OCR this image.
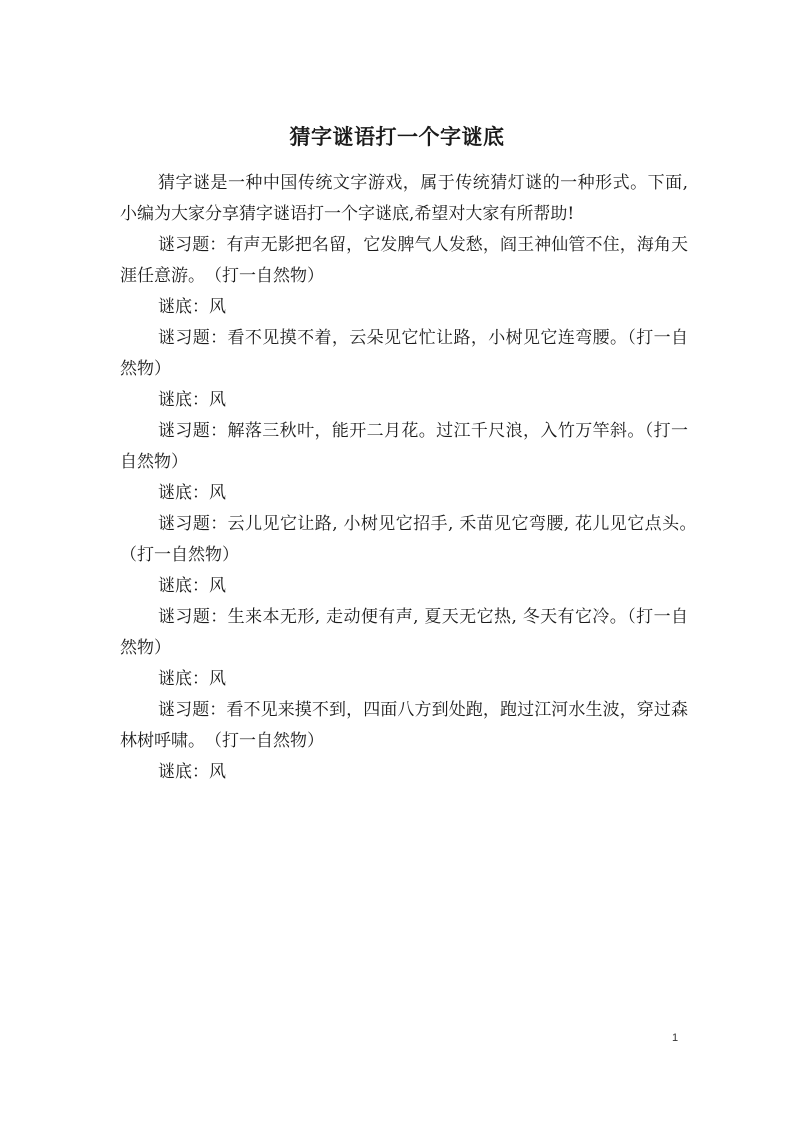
猜字谜语打一个字谜底

猜字谜是一种中国传统文字游戏，属于传统猜灯谜的一种形式。下面,小编为大家分享猜字谜语打一个字谜底,希望对大家有所帮助!

谜习题：有声无影把名留，它发脾气人发愁，阎王神仙管不住，海角天涯任意游。　（打一自然物）

谜底：风

谜习题：看不见摸不着，云朵见它忙让路，小树见它连弯腰。（打一自然物）

谜底：风

谜习题：解落三秋叶，能开二月花。过江千尺浪，入竹万竿斜。（打一自然物）

谜底：风

谜习题：云儿见它让路, 小树见它招手, 禾苗见它弯腰, 花儿见它点头。　（打一自然物）

谜底：风

谜习题：生来本无形, 走动便有声, 夏天无它热, 冬天有它冷。（打一自然物）

谜底：风

谜习题：看不见来摸不到，四面八方到处跑，跑过江河水生波，穿过森林树呼啸。　（打一自然物）

谜底：风

1
